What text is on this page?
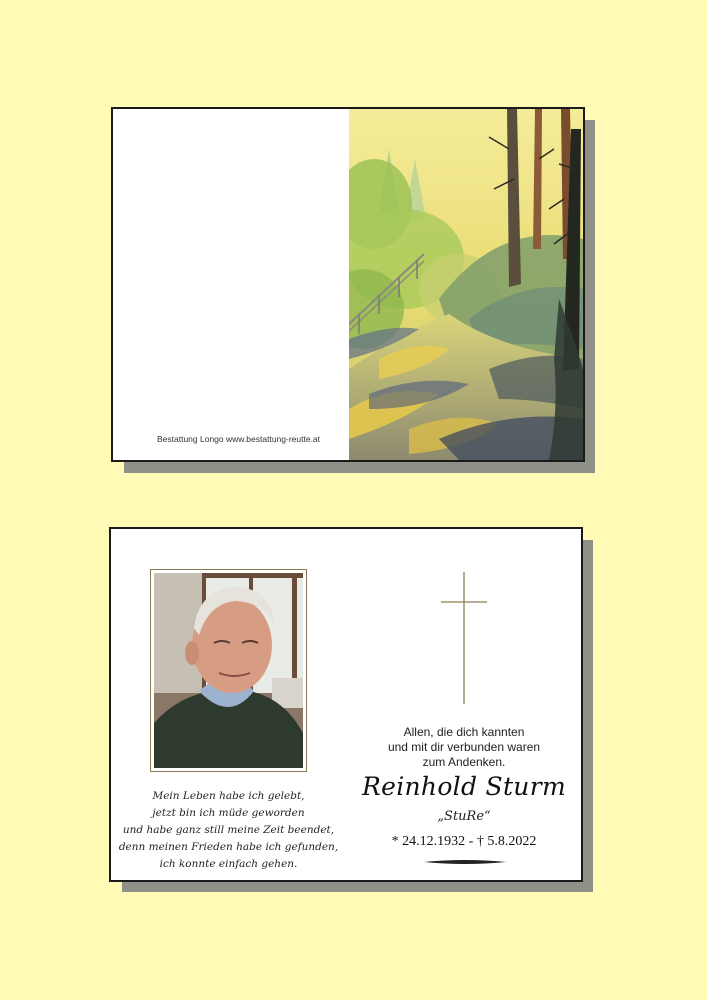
Bestattung Longo www.bestattung-reutte.at
Mein Leben habe ich gelebt,
jetzt bin ich müde geworden
und habe ganz still meine Zeit beendet,
denn meinen Frieden habe ich gefunden,
ich konnte einfach gehen.
Allen, die dich kannten
und mit dir verbunden waren
zum Andenken.
Reinhold Sturm
„StuRe“
* 24.12.1932 - † 5.8.2022
